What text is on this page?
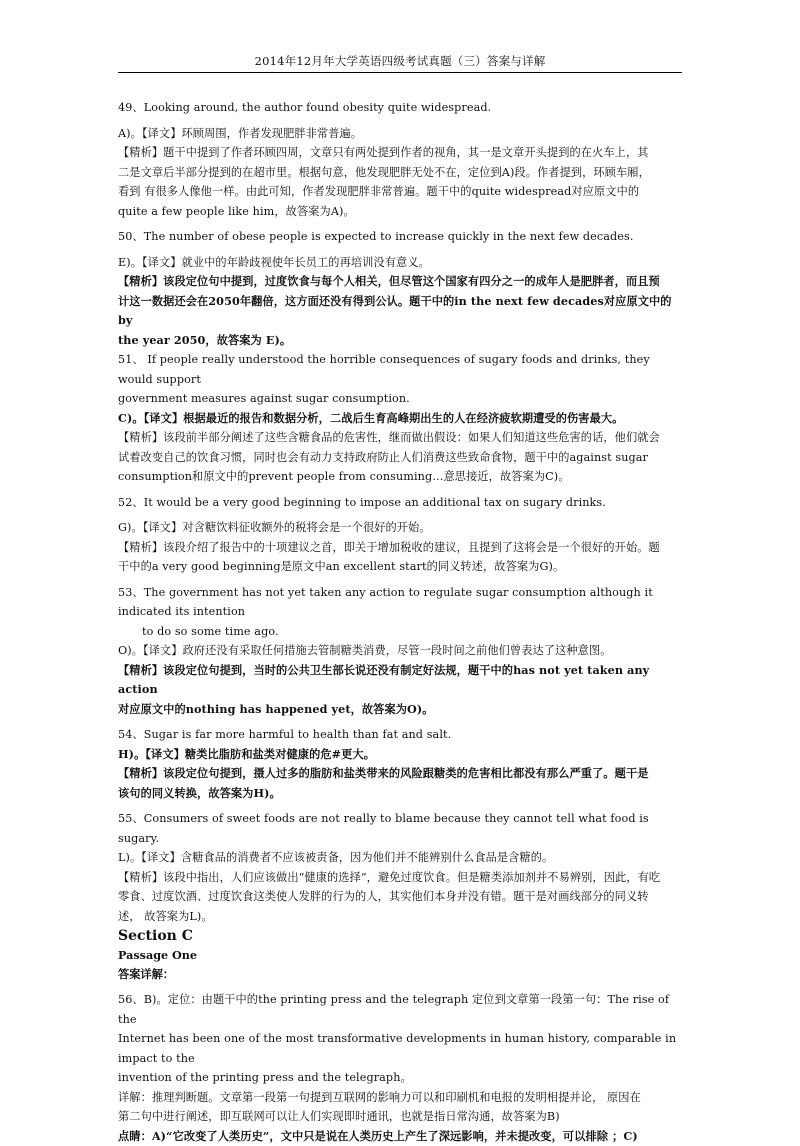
2014年12月年大学英语四级考试真题（三）答案与详解

49、Looking around, the author found obesity quite widespread.

A)。【译文】环顾周围，作者发现肥胖非常普遍。

【精析】题干中提到了作者环顾四周，文章只有两处提到作者的视角，其一是文章开头提到的在火车上，其

二是文章后半部分提到的在超市里。根据句意，他发现肥胖无处不在，定位到A)段。作者提到，环顾车厢，

看到 有很多人像他一样。由此可知，作者发现肥胖非常普遍。题干中的quite widespread对应原文中的

quite a few people like him，故答案为A)。

50、The number of obese people is expected to increase quickly in the next few decades.

E)。【译文】就业中的年龄歧视使年长员工的再培训没有意义。

【精析】该段定位句中提到，过度饮食与每个人相关，但尽管这个国家有四分之一的成年人是肥胖者，而且预

计这一数据还会在2050年翻倍，这方面还没有得到公认。题干中的in the next few decades对应原文中的by

the year 2050，故答案为 E)。

51、 If people really understood the horrible consequences of sugary foods and drinks, they would support

government measures against sugar consumption.

C)。【译文】根据最近的报告和数据分析，二战后生育高峰期出生的人在经济疲软期遭受的伤害最大。

【精析】该段前半部分阐述了这些含糖食品的危害性，继而做出假设：如果人们知道这些危害的话，他们就会

试着改变自己的饮食习惯，同时也会有动力支持政府防止人们消费这些致命食物，题干中的against sugar

consumption和原文中的prevent people from consuming…意思接近，故答案为C)。

52、It would be a very good beginning to impose an additional tax on sugary drinks.

G)。【译文】对含糖饮料征收额外的税将会是一个很好的开始。

【精析】该段介绍了报告中的十项建议之首，即关于增加税收的建议，且提到了这将会是一个很好的开始。题

干中的a very good beginning是原文中an excellent start的同义转述，故答案为G)。

53、The government has not yet taken any action to regulate sugar consumption although it indicated its intention

to do so some time ago.

O)。【译文】政府还没有采取任何措施去管制糖类消费，尽管一段时间之前他们曾表达了这种意图。

【精析】该段定位句提到，当时的公共卫生部长说还没有制定好法规，题干中的has not yet taken any action

对应原文中的nothing has happened yet，故答案为O)。

54、Sugar is far more harmful to health than fat and salt.

H)。【译文】糖类比脂肪和盐类对健康的危#更大。

【精析】该段定位句提到，摄人过多的脂肪和盐类带来的风险跟糖类的危害相比都没有那么严重了。题干是

该句的同义转换，故答案为H)。

55、Consumers of sweet foods are not really to blame because they cannot tell what food is sugary.

L)。【译文】含糖食品的消费者不应该被责备，因为他们并不能辨别什么食品是含糖的。

【精析】该段中指出，人们应该做出“健康的选择”，避免过度饮食。但是糖类添加剂并不易辨别，因此，有吃

零食、过度饮酒、过度饮食这类使人发胖的行为的人，其实他们本身并没有错。题干是对画线部分的同义转

述， 故答案为L)。

Section C

Passage One

答案详解：

56、B)。定位：由题干中的the printing press and the telegraph 定位到文章第一段第一句：The rise of the

Internet has been one of the most transformative developments in human history, comparable in impact to the

invention of the printing press and the telegraph。

详解：推理判断题。文章第一段第一句提到互联网的影响力可以和印刷机和电报的发明相提并论， 原因在

第二句中进行阐述，即互联网可以让人们实现即时通讯，也就是指日常沟通，故答案为B)

点睛：A)“它改变了人类历史”，文中只是说在人类历史上产生了深远影响，并未提改变，可以排除 ；C)
